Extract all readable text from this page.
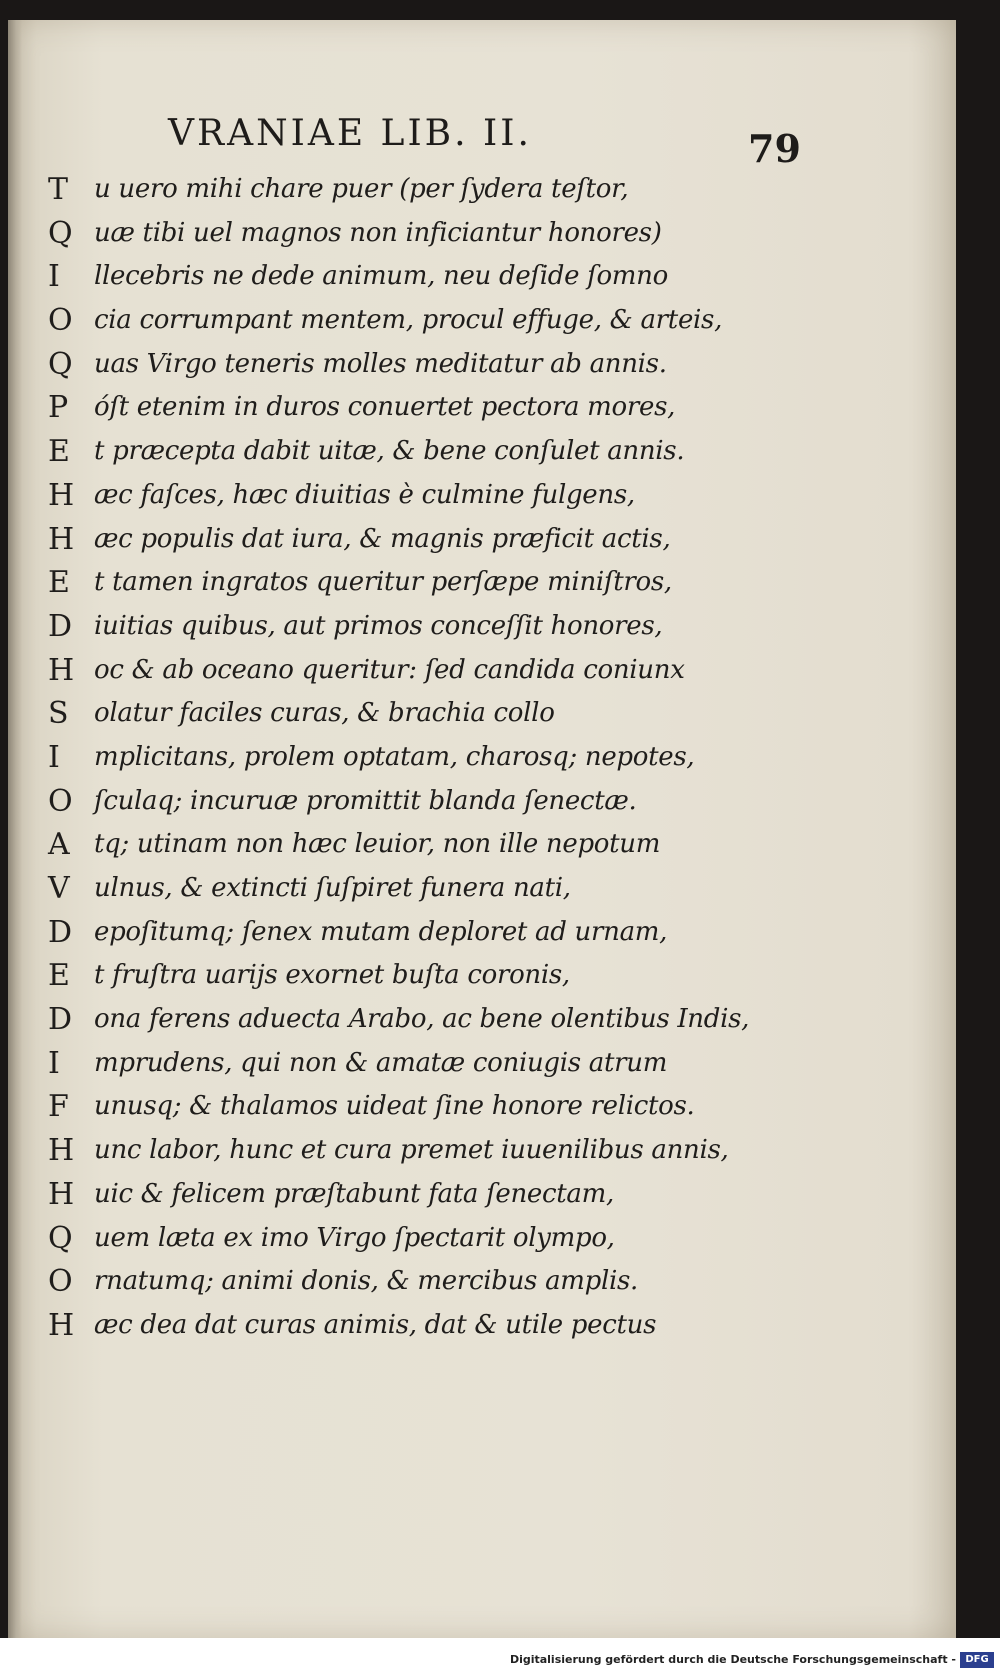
VRANIAE LIB. II.	79
T u uero mihi chare puer (per ſydera teſtor,
Q uæ tibi uel magnos non inficiantur honores)
I	llecebris ne dede animum, neu deſide ſomno
O cia corrumpant mentem, procul effuge, & arteis,
Q uas Virgo teneris molles meditatur ab annis.
P óſt etenim in duros conuertet pectora mores,
E t præcepta dabit uitæ, & bene conſulet annis.
H æc faſces, hæc diuitias è culmine fulgens,
H æc populis dat iura, & magnis præficit actis,
E t tamen ingratos queritur perſæpe miniſtros,
D iuitias quibus, aut primos conceſſit honores,
H oc & ab oceano queritur: ſed candida coniunx
S olatur faciles curas, & brachia collo
I	mplicitans, prolem optatam, charosq; nepotes,
O ſculaq; incuruæ promittit blanda ſenectæ.
A tq; utinam non hæc leuior, non ille nepotum
V ulnus, & extincti ſuſpiret funera nati,
D epoſitumq; ſenex mutam deploret ad urnam,
E t fruſtra uarijs exornet buſta coronis,
D ona ferens aduecta Arabo, ac bene olentibus Indis,
I	mprudens, qui non & amatæ coniugis atrum
F unusq; & thalamos uideat ſine honore relictos.
H unc labor, hunc et cura premet iuuenilibus annis,
H uic & felicem præſtabunt fata ſenectam,
Q uem læta ex imo Virgo ſpectarit olympo,
O rnatumq; animi donis, & mercibus amplis.
H æc dea dat curas animis, dat & utile pectus
Digitalisierung gefördert durch die Deutsche Forschungsgemeinschaft - DFG
